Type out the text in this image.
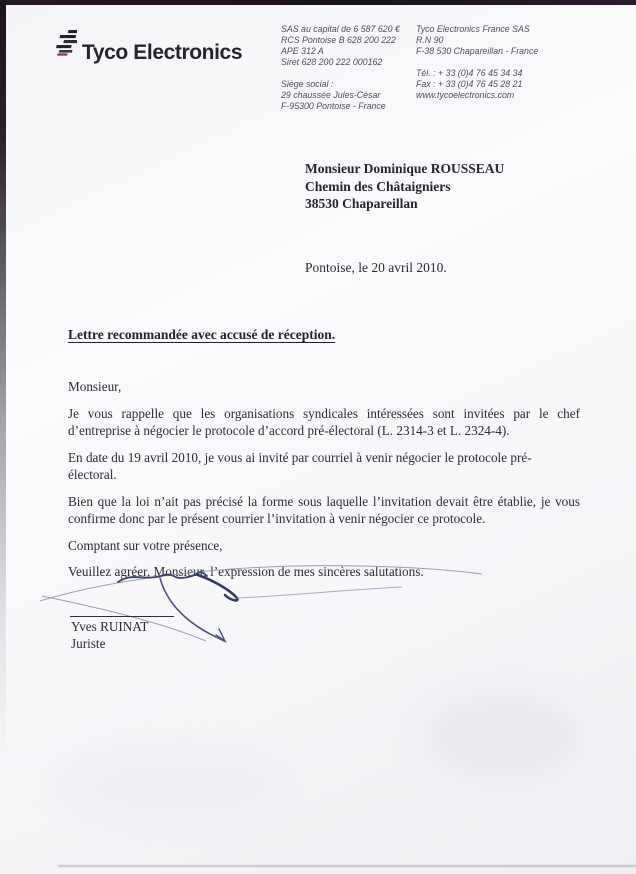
Tyco Electronics
SAS au capital de 6 587 620 €
RCS Pontoise B 628 200 222
APE 312 A
Siret 628 200 222 000162
Siège social :
29 chaussée Jules-César
F-95300 Pontoise - France
Tyco Electronics France SAS
R.N 90
F-38 530 Chapareillan - France
Tél. : + 33 (0)4 76 45 34 34
Fax : + 33 (0)4 76 45 28 21
www.tycoelectronics.com
Monsieur Dominique ROUSSEAU
Chemin des Châtaigniers
38530 Chapareillan
Pontoise, le 20 avril 2010.
Lettre recommandée avec accusé de réception.

Monsieur,

Je vous rappelle que les organisations syndicales intéressées sont invitées par le chef d’entreprise à négocier le protocole d’accord pré-électoral (L. 2314-3 et L. 2324-4).

En date du 19 avril 2010, je vous ai invité par courriel à venir négocier le protocole pré-électoral.

Bien que la loi n’ait pas précisé la forme sous laquelle l’invitation devait être établie, je vous confirme donc par le présent courrier l’invitation à venir négocier ce protocole.

Comptant sur votre présence,

Veuillez agréer, Monsieur, l’expression de mes sincères salutations.

Yves RUINAT
Juriste
